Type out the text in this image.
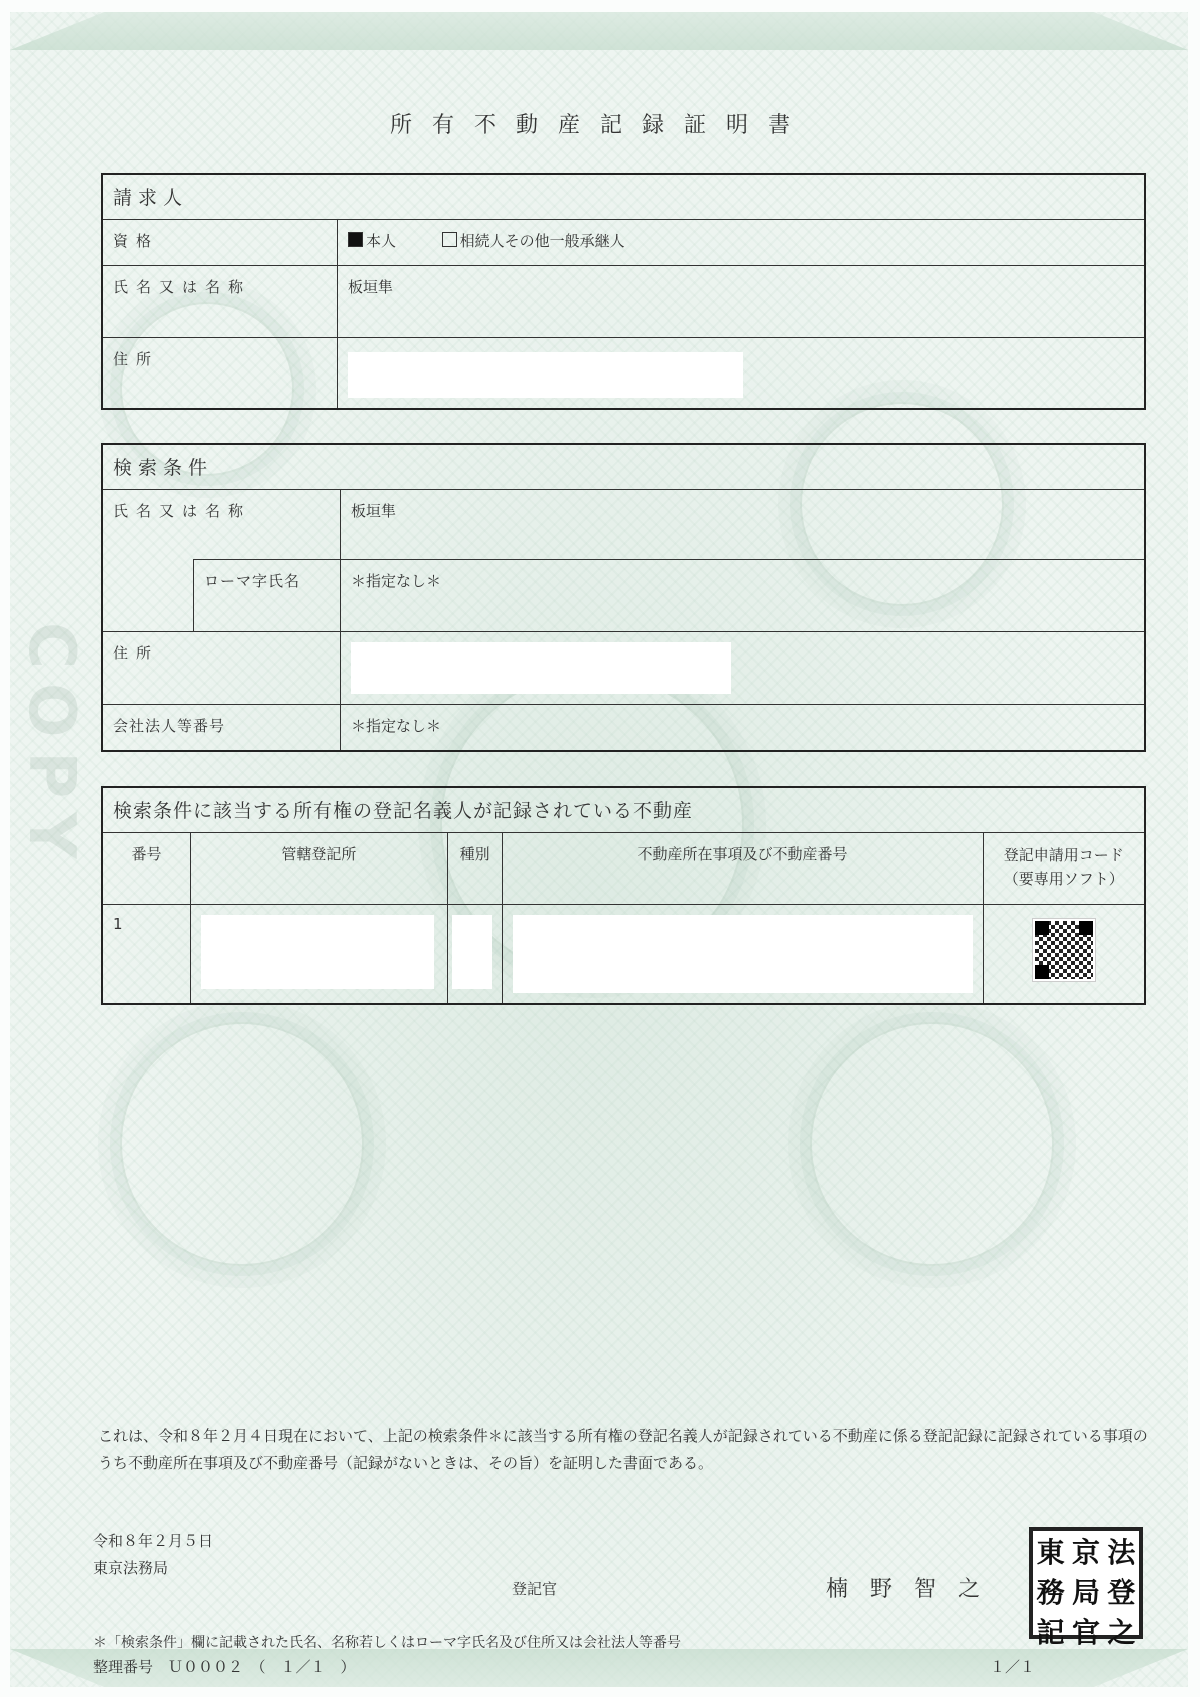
COPY
所有不動産記録証明書
請求人	
資格	本人 相続人その他一般承継人
氏名又は名称	板垣隼
住所	
検索条件		
氏名又は名称		板垣隼
	ローマ字氏名	＊指定なし＊
住所		

会社法人等番号		＊指定なし＊
検索条件に該当する所有権の登記名義人が記録されている不動産				
番号	管轄登記所	種別	不動産所在事項及び不動産番号	登記申請用コード
（要専用ソフト）
1	

これは、令和８年２月４日現在において、上記の検索条件＊に該当する所有権の登記名義人が記録されている不動産に係る登記記録に記録されている事項のうち不動産所在事項及び不動産番号（記録がないときは、その旨）を証明した書面である。
令和８年２月５日
東京法務局
登記官	楠　野　智　之
東 京 法
務 局 登
記 官 之
＊「検索条件」欄に記載された氏名、名称若しくはローマ字氏名及び住所又は会社法人等番号
整理番号　Ｕ０００２　（　１／１　）	１／１
